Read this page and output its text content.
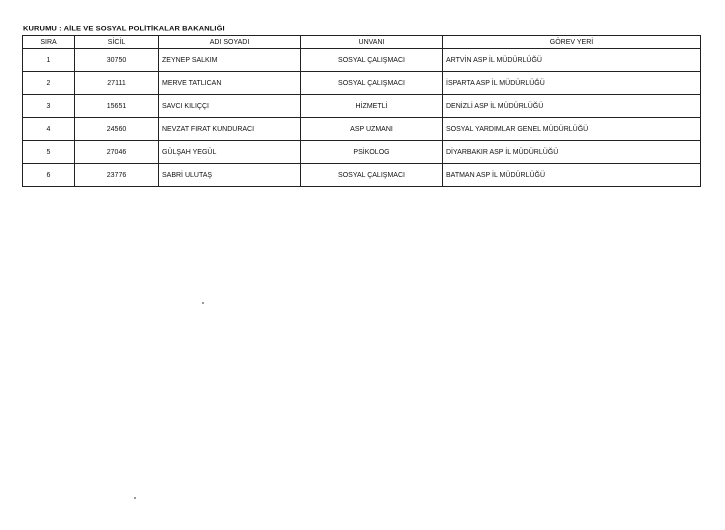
KURUMU : AİLE VE SOSYAL POLİTİKALAR BAKANLIĞI
SIRA	SİCİL	ADI SOYADI	UNVANI	GÖREV YERİ
1	30750	ZEYNEP SALKIM	SOSYAL ÇALIŞMACI	ARTVİN ASP İL MÜDÜRLÜĞÜ
2	27111	MERVE TATLICAN	SOSYAL ÇALIŞMACI	İSPARTA ASP İL MÜDÜRLÜĞÜ
3	15651	SAVCI KILIÇÇI	HİZMETLİ	DENİZLİ ASP İL MÜDÜRLÜĞÜ
4	24560	NEVZAT FIRAT KUNDURACI	ASP UZMANI	SOSYAL YARDIMLAR GENEL MÜDÜRLÜĞÜ
5	27046	GÜLŞAH YEGÜL	PSİKOLOG	DİYARBAKIR ASP İL MÜDÜRLÜĞÜ
6	23776	SABRİ ULUTAŞ	SOSYAL ÇALIŞMACI	BATMAN ASP İL MÜDÜRLÜĞÜ
